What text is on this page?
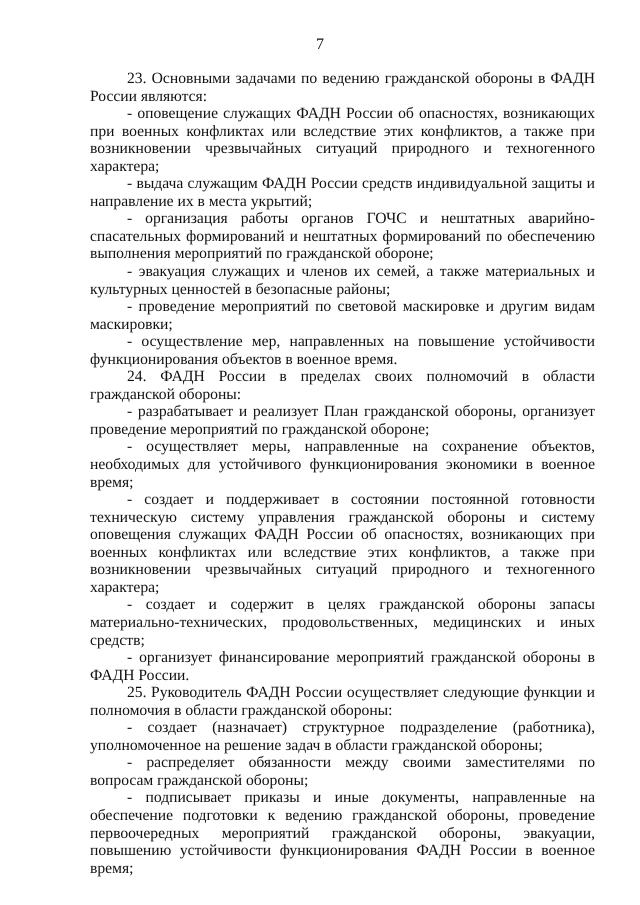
7

23. Основными задачами по ведению гражданской обороны в ФАДН России являются:

- оповещение служащих ФАДН России об опасностях, возникающих при военных конфликтах или вследствие этих конфликтов, а также при возникновении чрезвычайных ситуаций природного и техногенного характера;

- выдача служащим ФАДН России средств индивидуальной защиты и направление их в места укрытий;

- организация работы органов ГОЧС и нештатных аварийно-спасательных формирований и нештатных формирований по обеспечению выполнения мероприятий по гражданской обороне;

- эвакуация служащих и членов их семей, а также материальных и культурных ценностей в безопасные районы;

- проведение мероприятий по световой маскировке и другим видам маскировки;

- осуществление мер, направленных на повышение устойчивости функционирования объектов в военное время.

24. ФАДН России в пределах своих полномочий в области гражданской обороны:

- разрабатывает и реализует План гражданской обороны, организует проведение мероприятий по гражданской обороне;

- осуществляет меры, направленные на сохранение объектов, необходимых для устойчивого функционирования экономики в военное время;

- создает и поддерживает в состоянии постоянной готовности техническую систему управления гражданской обороны и систему оповещения служащих ФАДН России об опасностях, возникающих при военных конфликтах или вследствие этих конфликтов, а также при возникновении чрезвычайных ситуаций природного и техногенного характера;

- создает и содержит в целях гражданской обороны запасы материально-технических, продовольственных, медицинских и иных средств;

- организует финансирование мероприятий гражданской обороны в ФАДН России.

25. Руководитель ФАДН России осуществляет следующие функции и полномочия в области гражданской обороны:

- создает (назначает) структурное подразделение (работника), уполномоченное на решение задач в области гражданской обороны;

- распределяет обязанности между своими заместителями по вопросам гражданской обороны;

- подписывает приказы и иные документы, направленные на обеспечение подготовки к ведению гражданской обороны, проведение первоочередных мероприятий гражданской обороны, эвакуации, повышению устойчивости функционирования ФАДН России в военное время;
